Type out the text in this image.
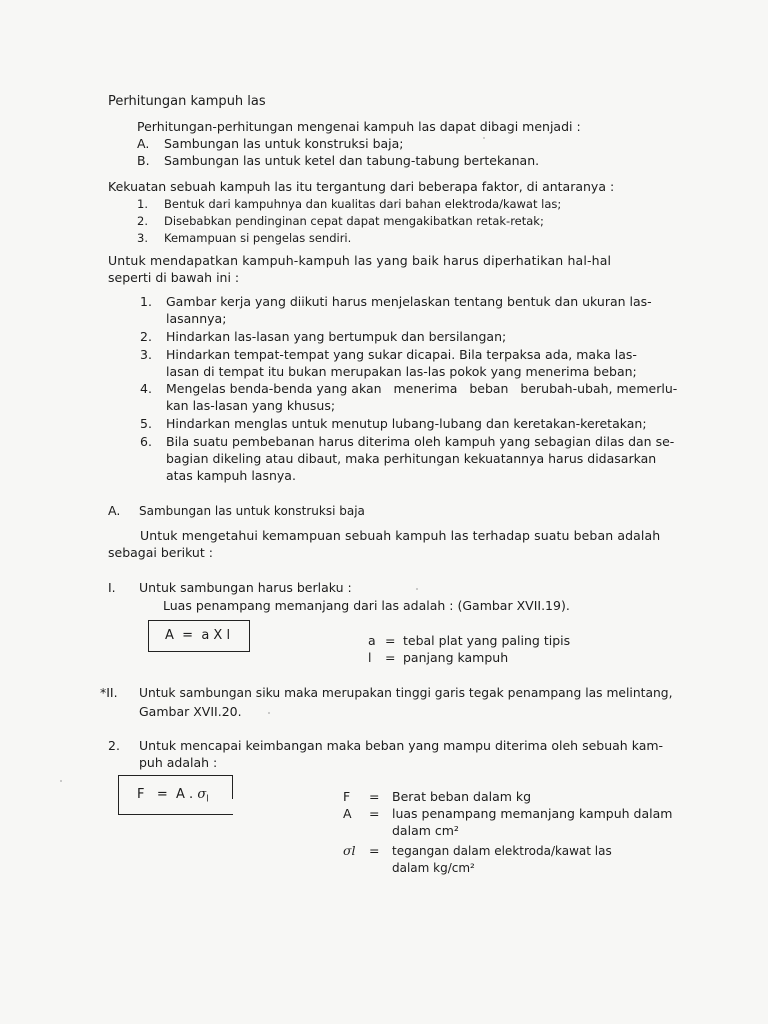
Perhitungan kampuh las
Perhitungan-perhitungan mengenai kampuh las dapat dibagi menjadi :
A. Sambungan las untuk konstruksi baja;
B. Sambungan las untuk ketel dan tabung-tabung bertekanan.
Kekuatan sebuah kampuh las itu tergantung dari beberapa faktor, di antaranya :
1. Bentuk dari kampuhnya dan kualitas dari bahan elektroda/kawat las;
2. Disebabkan pendinginan cepat dapat mengakibatkan retak-retak;
3. Kemampuan si pengelas sendiri.
Untuk mendapatkan kampuh-kampuh las yang baik harus diperhatikan hal-hal
seperti di bawah ini :
1. Gambar kerja yang diikuti harus menjelaskan tentang bentuk dan ukuran las-
lasannya;
2. Hindarkan las-lasan yang bertumpuk dan bersilangan;
3. Hindarkan tempat-tempat yang sukar dicapai. Bila terpaksa ada, maka las-
lasan di tempat itu bukan merupakan las-las pokok yang menerima beban;
4. Mengelas benda-benda yang akan   menerima   beban   berubah-ubah, memerlu-
kan las-lasan yang khusus;
5. Hindarkan menglas untuk menutup lubang-lubang dan keretakan-keretakan;
6. Bila suatu pembebanan harus diterima oleh kampuh yang sebagian dilas dan se-
bagian dikeling atau dibaut, maka perhitungan kekuatannya harus didasarkan
atas kampuh lasnya.
A. Sambungan las untuk konstruksi baja
Untuk mengetahui kemampuan sebuah kampuh las terhadap suatu beban adalah
sebagai berikut :
I. Untuk sambungan harus berlaku :
Luas penampang memanjang dari las adalah : (Gambar XVII.19).
A  =  a X l	a = tebal plat yang paling tipis
l = panjang kampuh
*II. Untuk sambungan siku maka merupakan tinggi garis tegak penampang las melintang,
Gambar XVII.20.
2. Untuk mencapai keimbangan maka beban yang mampu diterima oleh sebuah kam-
puh adalah :
F   =  A . $\sigma_l$	F = Berat beban dalam kg
A = luas penampang memanjang kampuh dalam
dalam cm²
σl = tegangan dalam elektroda/kawat las
dalam kg/cm²
